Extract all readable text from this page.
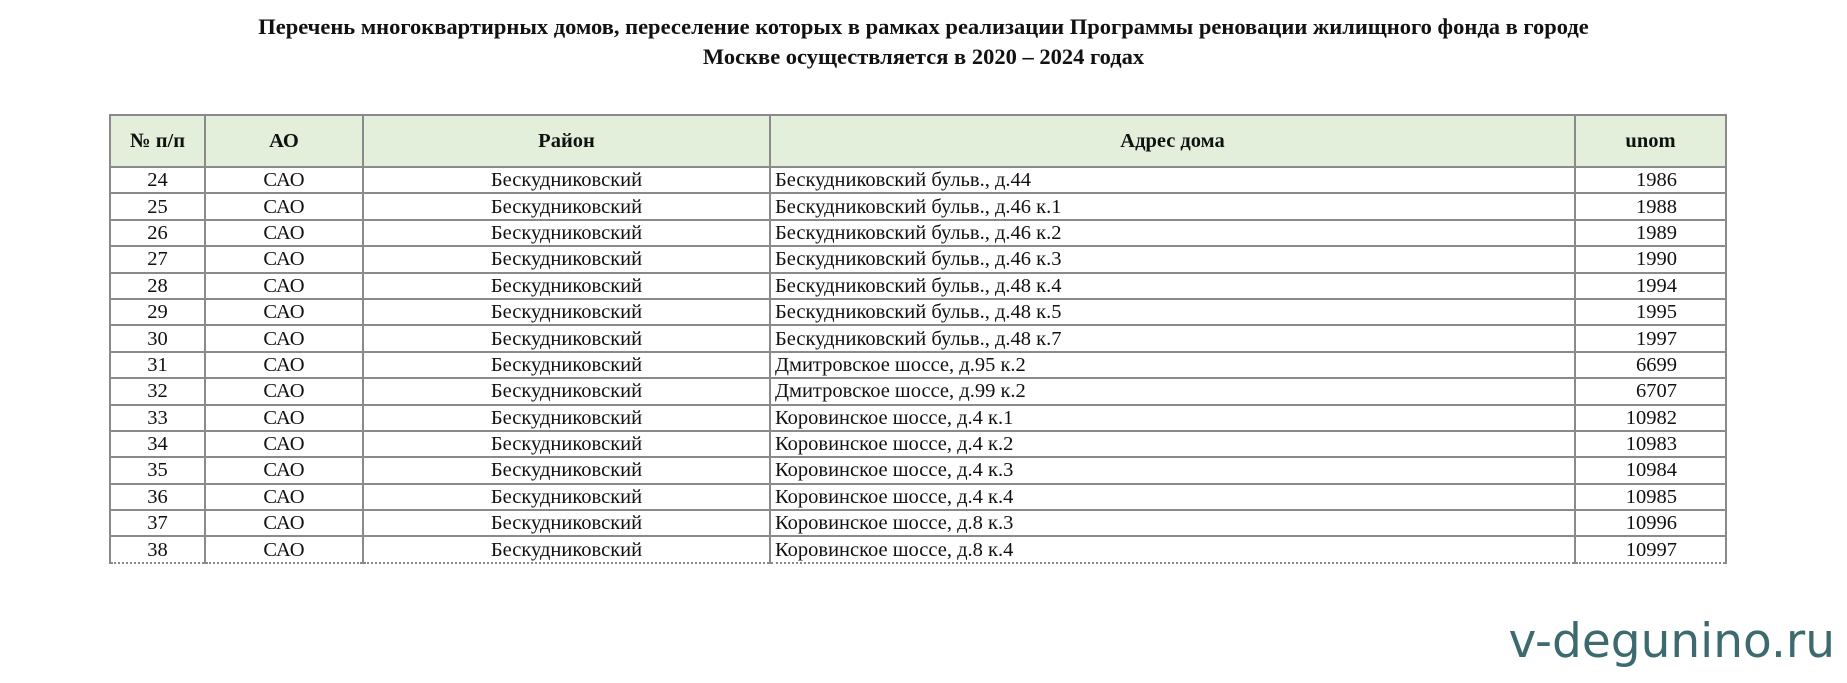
Перечень многоквартирных домов, переселение которых в рамках реализации Программы реновации жилищного фонда в городе
Москве осуществляется в 2020 – 2024 годах
№ п/п	АО	Район	Адрес дома	unom
24	САО	Бескудниковский	Бескудниковский бульв., д.44	1986
25	САО	Бескудниковский	Бескудниковский бульв., д.46 к.1	1988
26	САО	Бескудниковский	Бескудниковский бульв., д.46 к.2	1989
27	САО	Бескудниковский	Бескудниковский бульв., д.46 к.3	1990
28	САО	Бескудниковский	Бескудниковский бульв., д.48 к.4	1994
29	САО	Бескудниковский	Бескудниковский бульв., д.48 к.5	1995
30	САО	Бескудниковский	Бескудниковский бульв., д.48 к.7	1997
31	САО	Бескудниковский	Дмитровское шоссе, д.95 к.2	6699
32	САО	Бескудниковский	Дмитровское шоссе, д.99 к.2	6707
33	САО	Бескудниковский	Коровинское шоссе, д.4 к.1	10982
34	САО	Бескудниковский	Коровинское шоссе, д.4 к.2	10983
35	САО	Бескудниковский	Коровинское шоссе, д.4 к.3	10984
36	САО	Бескудниковский	Коровинское шоссе, д.4 к.4	10985
37	САО	Бескудниковский	Коровинское шоссе, д.8 к.3	10996
38	САО	Бескудниковский	Коровинское шоссе, д.8 к.4	10997
v-degunino.ru
